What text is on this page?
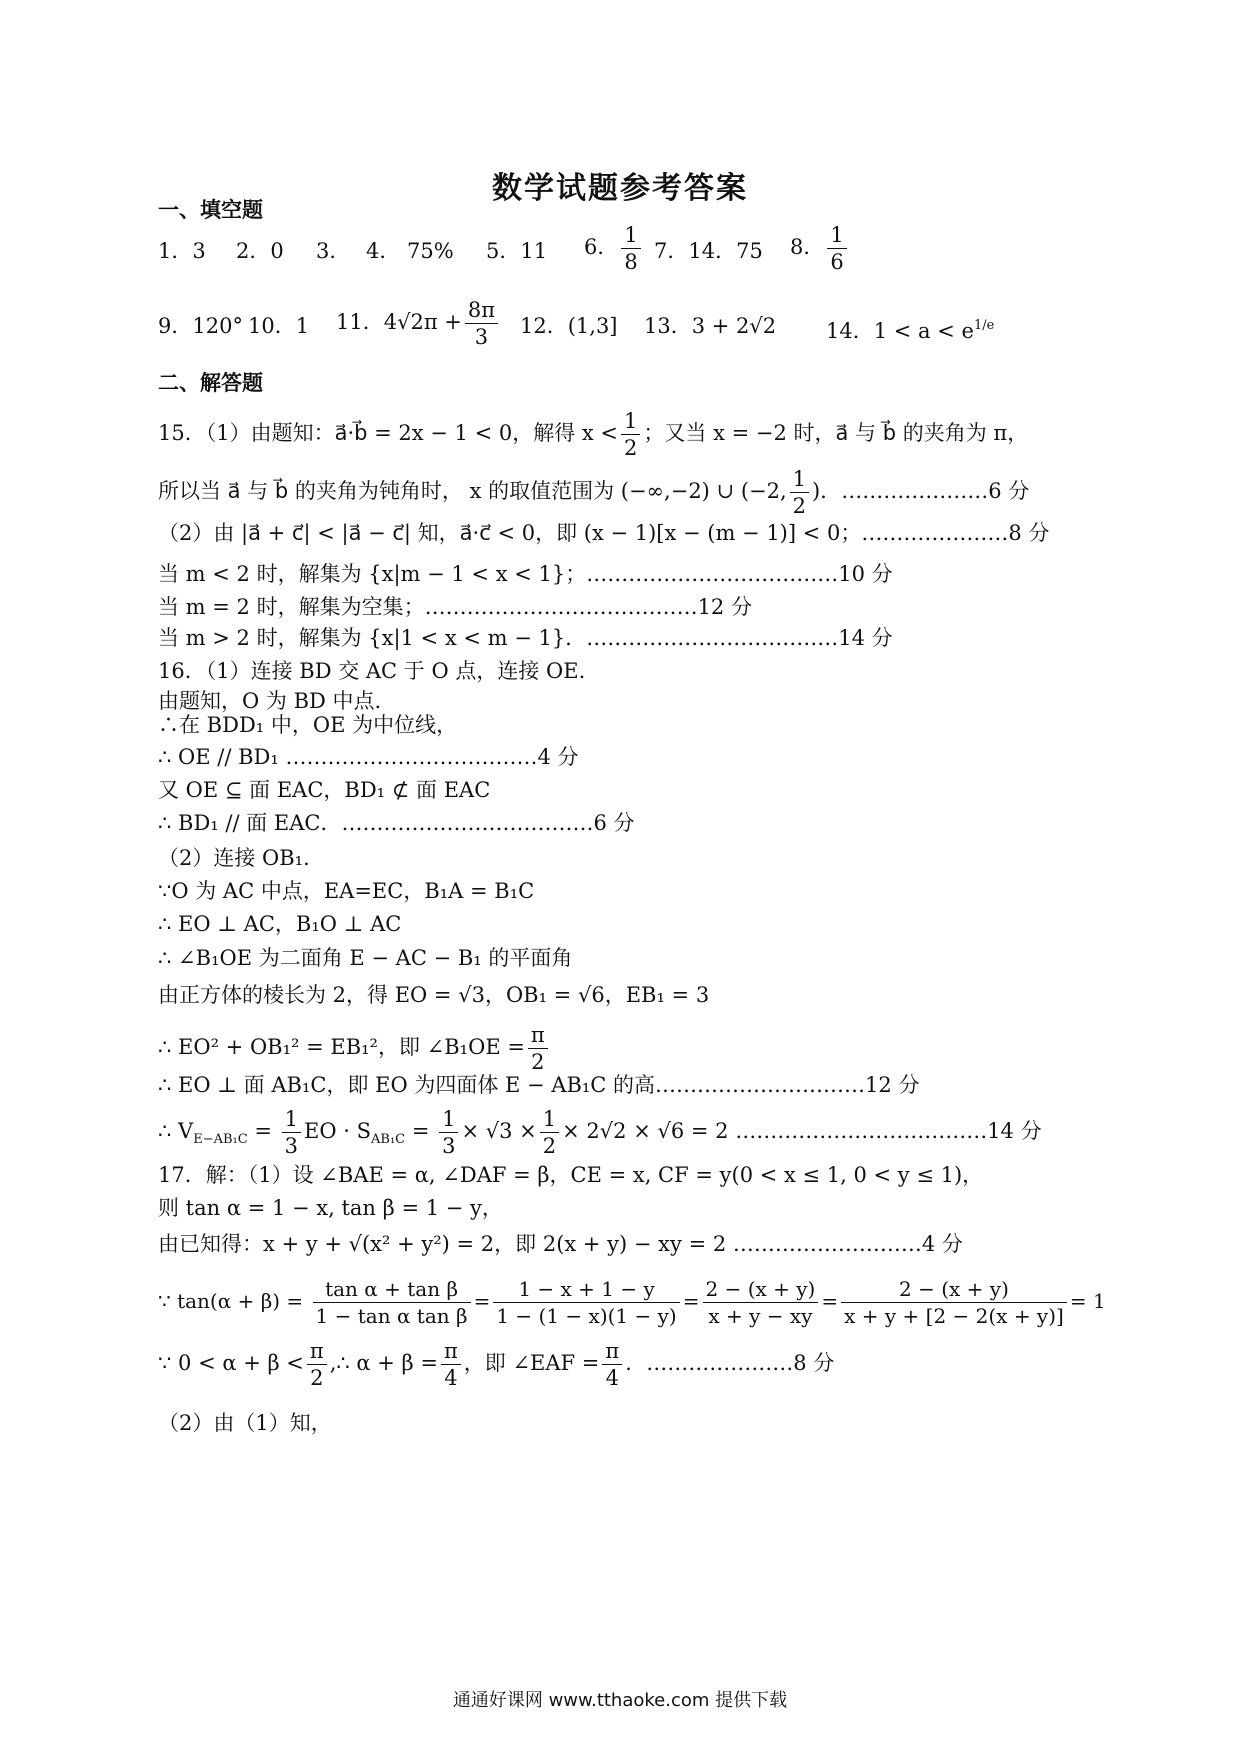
数学试题参考答案
一、填空题
1．3 2．0 3． 4． 75% 5．11 6． $\frac{1}{8} 7$．14．75 8． $\frac{1}{6}$
9．120° 10．1 11．$4√2\pi + \frac{8\pi}{3} 12$．(1,3] 13．3 + 2√2 14．$1 < a < e^{1/e}$
二、解答题
15．（1）由题知：a⃗·b⃗ = 2x − 1 < 0，解得 $x < \frac{1}{2}$ ；又当 x = −2 时，a⃗ 与 b⃗ 的夹角为 π，
所以当 a⃗ 与 b⃗ 的夹角为钝角时， x 的取值范围为 (−∞,−2) ∪ (−2, $\frac{1}{2}$ )．…………………6 分
（2）由 |a⃗ + c⃗| < |a⃗ − c⃗| 知，a⃗·c⃗ < 0，即 (x − 1)[x − (m − 1)] < 0；…………………8 分
当 m < 2 时，解集为 {x|m − 1 < x < 1}；………………………………10 分
当 m = 2 时，解集为空集；…………………………………12 分
当 m > 2 时，解集为 {x|1 < x < m − 1}．………………………………14 分
16．（1）连接 BD 交 AC 于 O 点，连接 OE.
由题知，O 为 BD 中点.
∴在 BDD₁ 中，OE 为中位线，
∴ OE // BD₁ ………………………………4 分
又 OE ⊆ 面 EAC，BD₁ ⊄ 面 EAC
∴ BD₁ // 面 EAC．………………………………6 分
（2）连接 OB₁．
∵O 为 AC 中点，EA=EC，B₁A = B₁C
∴ EO ⊥ AC，B₁O ⊥ AC
∴ ∠B₁OE 为二面角 E − AC − B₁ 的平面角
由正方体的棱长为 2，得 EO = √3，OB₁ = √6，EB₁ = 3
∴ EO² + OB₁² = EB₁²，即 ∠B₁OE = $\frac{\pi}{2}$
∴ EO ⊥ 面 AB₁C，即 EO 为四面体 E − AB₁C 的高…………………………12 分
∴ $V_{E-AB_1C} = \frac{1}{3}$ EO · $S_{AB_1C} = \frac{1}{3} \times √3 \times \frac{1}{2} \times 2√2 \times √6 = 2$ ………………………………14 分
17．解：（1）设 ∠BAE = α, ∠DAF = β，CE = x, CF = y(0 < x ≤ 1, 0 < y ≤ 1)，
则 tan α = 1 − x, tan β = 1 − y，
由已知得：x + y + √(x² + y²) = 2，即 2(x + y) − xy = 2 ………………………4 分
∵ $\tan(\alpha + \beta) = \frac{\text{tan α + tan β}}{\text{1 − tan α tan β}} = \frac{1 - x + 1 - y}{1 - (1 - x)(1 - y)} = \frac{2 - (x + y)}{x + y - xy} = \frac{2 - (x + y)}{x + y + [2 - 2(x + y)]} = 1$
∵ $0 < \alpha + \beta < \frac{\pi}{2}$ ,∴ $\alpha + \beta = \frac{\pi}{4}$ ，即 ∠EAF = $\frac{\pi}{4}$ ．…………………8 分
（2）由（1）知，
通通好课网 www.tthaoke.com 提供下载
